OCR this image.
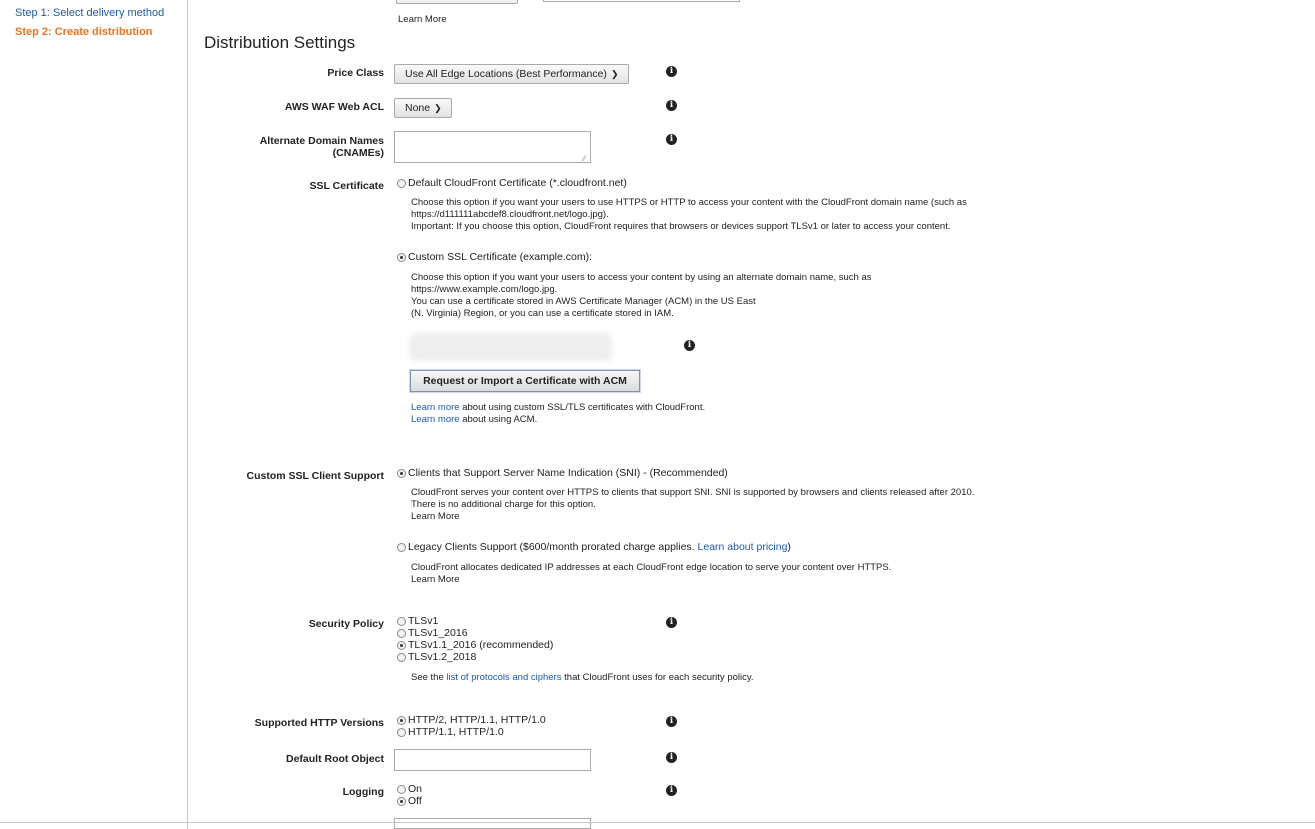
Step 1: Select delivery method
Step 2: Create distribution
Learn More
Distribution Settings
Price Class	Use All Edge Locations (Best Performance) ❯	i
AWS WAF Web ACL	None ❯	i
Alternate Domain Names
(CNAMEs)	∕∕
i
SSL Certificate Default CloudFront Certificate (*.cloudfront.net)
Choose this option if you want your users to use HTTPS or HTTP to access your content with the CloudFront domain name (such as
https://d111111abcdef8.cloudfront.net/logo.jpg).
Important: If you choose this option, CloudFront requires that browsers or devices support TLSv1 or later to access your content.
Custom SSL Certificate (example.com):
Choose this option if you want your users to access your content by using an alternate domain name, such as
https://www.example.com/logo.jpg.
You can use a certificate stored in AWS Certificate Manager (ACM) in the US East
(N. Virginia) Region, or you can use a certificate stored in IAM.
i
Request or Import a Certificate with ACM
Learn more about using custom SSL/TLS certificates with CloudFront.
Learn more about using ACM.
Custom SSL Client Support Clients that Support Server Name Indication (SNI) - (Recommended)
CloudFront serves your content over HTTPS to clients that support SNI. SNI is supported by browsers and clients released after 2010.
There is no additional charge for this option.
Learn More
Legacy Clients Support ($600/month prorated charge applies. Learn about pricing)
CloudFront allocates dedicated IP addresses at each CloudFront edge location to serve your content over HTTPS.
Learn More
Security Policy TLSv1
TLSv1_2016
TLSv1.1_2016 (recommended)
TLSv1.2_2018
i
See the list of protocols and ciphers that CloudFront uses for each security policy.
Supported HTTP Versions HTTP/2, HTTP/1.1, HTTP/1.0
HTTP/1.1, HTTP/1.0
i
Default Root Object	i
Logging On
Off
i
